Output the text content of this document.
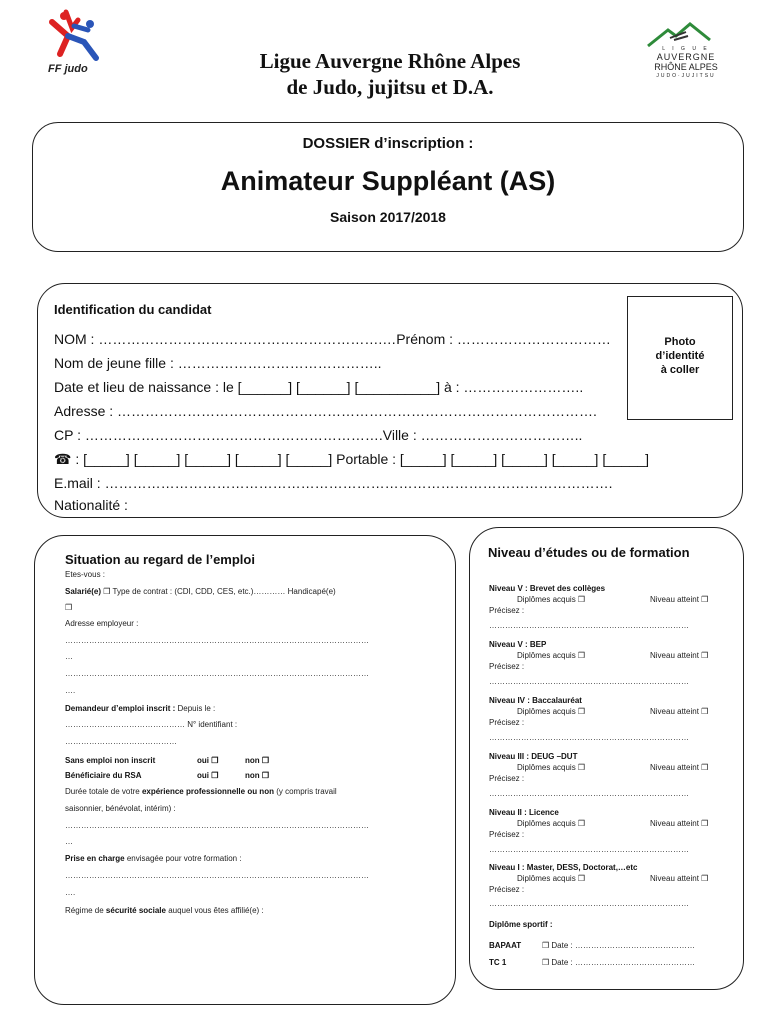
FF judo	Ligue Auvergne Rhône Alpes
de Judo, jujitsu et D.A.
L I G U E
AUVERGNE
RHÔNE ALPES
JUDO·JUJITSU
DOSSIER d’inscription :
Animateur Suppléant (AS)
Saison 2017/2018
Identification du candidat
NOM : …………………………………………………….…Prénom : ……………………………
Nom de jeune fille : ……………………………………..
Date et lieu de naissance : le [______] [______] [__________] à : ……………………..
Adresse : ………………………………………………………………………………………….
CP : ……………………………………………………….Ville : ……………………………..
☎ : [_____] [_____] [_____] [_____] [_____] Portable : [_____] [_____] [_____] [_____] [_____]
E.mail : ……………………………………………………………………………………………….
Nationalité :
Photo
d’identité
à coller
Situation au regard de l’emploi
Etes-vous :
Salarié(e) ❒ Type de contrat : (CDI, CDD, CES, etc.)………… Handicapé(e)
❒
Adresse employeur :
……………………………………………………………………………………………………
…
……………………………………………………………………………………………………
….
Demandeur d’emploi inscrit : Depuis le :
……………………………………… N° identifiant :
……………………………………
Sans emploi non inscrit	oui ❒	non ❒
Bénéficiaire du RSA	oui ❒	non ❒
Durée totale de votre expérience professionnelle ou non (y compris travail
saisonnier, bénévolat, intérim) :
……………………………………………………………………………………………………
…
Prise en charge envisagée pour votre formation :
……………………………………………………………………………………………………
….
Régime de sécurité sociale auquel vous êtes affilié(e) :
Niveau d’études ou de formation
Niveau V : Brevet des collèges
Diplômes acquis ❒	Niveau atteint ❒
Précisez :
…………………………………………………………………
Niveau V : BEP
Diplômes acquis ❒	Niveau atteint ❒
Précisez :
…………………………………………………………………
Niveau IV : Baccalauréat
Diplômes acquis ❒	Niveau atteint ❒
Précisez :
…………………………………………………………………
Niveau III : DEUG –DUT
Diplômes acquis ❒	Niveau atteint ❒
Précisez :
…………………………………………………………………
Niveau II : Licence
Diplômes acquis ❒	Niveau atteint ❒
Précisez :
…………………………………………………………………
Niveau I : Master, DESS, Doctorat,…etc
Diplômes acquis ❒	Niveau atteint ❒
Précisez :
…………………………………………………………………
Diplôme sportif :
BAPAAT	❒ Date : ………………………………………
TC 1	❒ Date : ………………………………………
